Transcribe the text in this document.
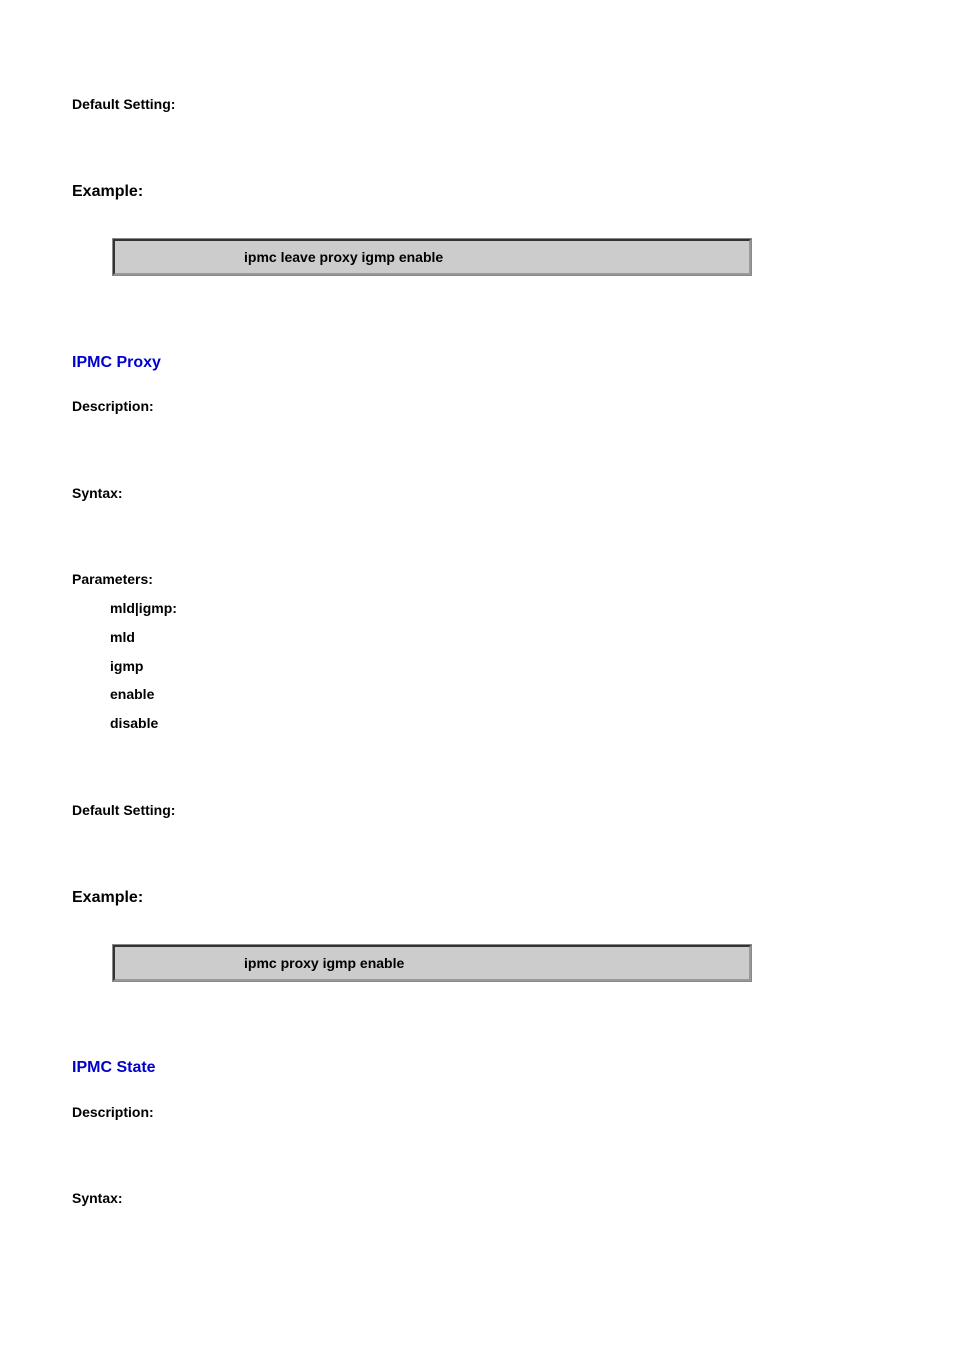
Default Setting:
Example:
ipmc leave proxy igmp enable
IPMC Proxy
Description:
Syntax:
Parameters:
mld|igmp:
mld
igmp
enable
disable
Default Setting:
Example:
ipmc proxy igmp enable
IPMC State
Description:
Syntax:
